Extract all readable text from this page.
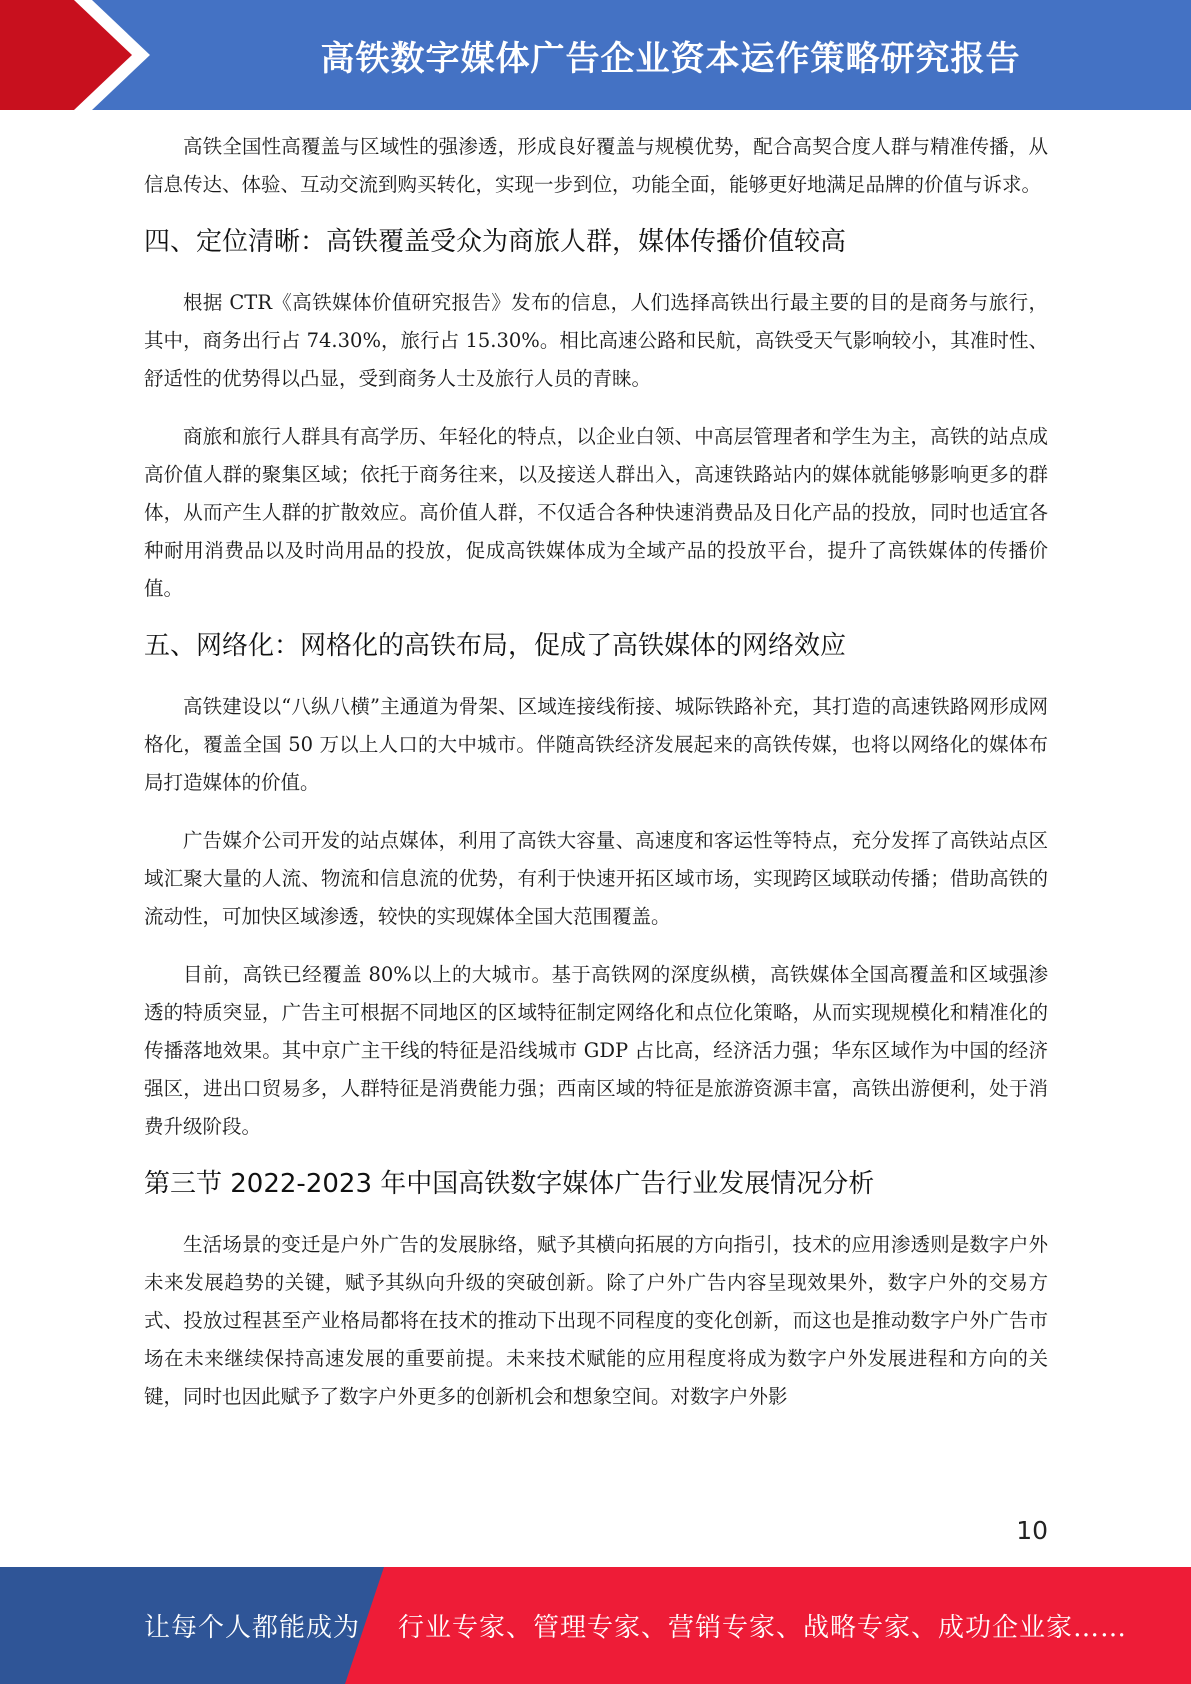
高铁数字媒体广告企业资本运作策略研究报告

高铁全国性高覆盖与区域性的强渗透，形成良好覆盖与规模优势，配合高契合度人群与精准传播，从信息传达、体验、互动交流到购买转化，实现一步到位，功能全面，能够更好地满足品牌的价值与诉求。

四、定位清晰：高铁覆盖受众为商旅人群，媒体传播价值较高

根据 CTR《高铁媒体价值研究报告》发布的信息，人们选择高铁出行最主要的目的是商务与旅行，其中，商务出行占 74.30%，旅行占 15.30%。相比高速公路和民航，高铁受天气影响较小，其准时性、舒适性的优势得以凸显，受到商务人士及旅行人员的青睐。

商旅和旅行人群具有高学历、年轻化的特点，以企业白领、中高层管理者和学生为主，高铁的站点成高价值人群的聚集区域；依托于商务往来，以及接送人群出入，高速铁路站内的媒体就能够影响更多的群体，从而产生人群的扩散效应。高价值人群，不仅适合各种快速消费品及日化产品的投放，同时也适宜各种耐用消费品以及时尚用品的投放，促成高铁媒体成为全域产品的投放平台，提升了高铁媒体的传播价值。

五、网络化：网格化的高铁布局，促成了高铁媒体的网络效应

高铁建设以“八纵八横”主通道为骨架、区域连接线衔接、城际铁路补充，其打造的高速铁路网形成网格化，覆盖全国 50 万以上人口的大中城市。伴随高铁经济发展起来的高铁传媒，也将以网络化的媒体布局打造媒体的价值。

广告媒介公司开发的站点媒体，利用了高铁大容量、高速度和客运性等特点，充分发挥了高铁站点区域汇聚大量的人流、物流和信息流的优势，有利于快速开拓区域市场，实现跨区域联动传播；借助高铁的流动性，可加快区域渗透，较快的实现媒体全国大范围覆盖。

目前，高铁已经覆盖 80%以上的大城市。基于高铁网的深度纵横，高铁媒体全国高覆盖和区域强渗透的特质突显，广告主可根据不同地区的区域特征制定网络化和点位化策略，从而实现规模化和精准化的传播落地效果。其中京广主干线的特征是沿线城市 GDP 占比高，经济活力强；华东区域作为中国的经济强区，进出口贸易多，人群特征是消费能力强；西南区域的特征是旅游资源丰富，高铁出游便利，处于消费升级阶段。

第三节 2022-2023 年中国高铁数字媒体广告行业发展情况分析

生活场景的变迁是户外广告的发展脉络，赋予其横向拓展的方向指引，技术的应用渗透则是数字户外未来发展趋势的关键，赋予其纵向升级的突破创新。除了户外广告内容呈现效果外，数字户外的交易方式、投放过程甚至产业格局都将在技术的推动下出现不同程度的变化创新，而这也是推动数字户外广告市场在未来继续保持高速发展的重要前提。未来技术赋能的应用程度将成为数字户外发展进程和方向的关键，同时也因此赋予了数字户外更多的创新机会和想象空间。对数字户外影

10
让每个人都能成为 行业专家、管理专家、营销专家、战略专家、成功企业家……
